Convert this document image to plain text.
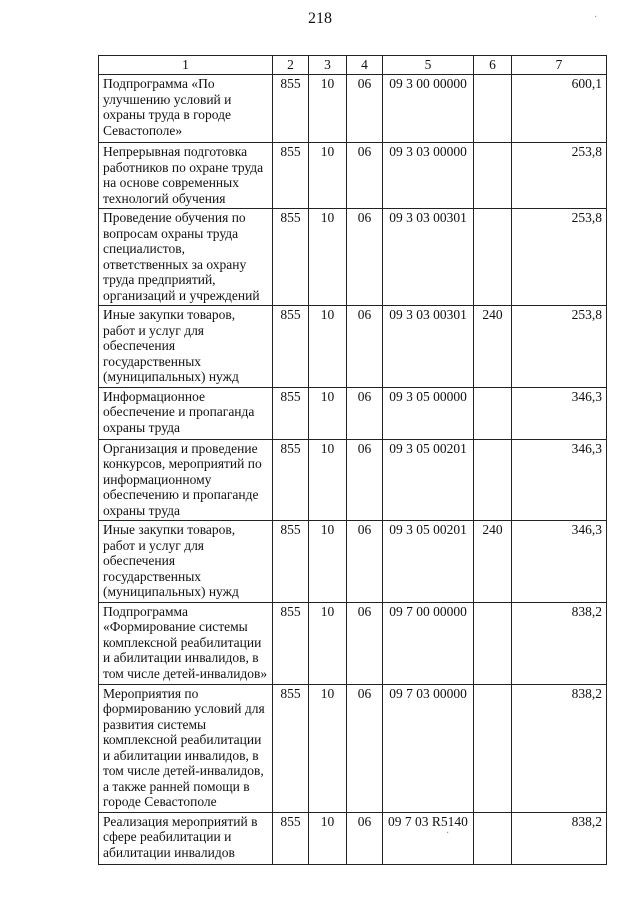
218
1	2	3	4	5	6	7
Подпрограмма «По улучшению условий и охраны труда в городе Севастополе»	855	10	06	09 3 00 00000		600,1
Непрерывная подготовка работников по охране труда на основе современных технологий обучения	855	10	06	09 3 03 00000		253,8
Проведение обучения по вопросам охраны труда специалистов, ответственных за охрану труда предприятий, организаций и учреждений	855	10	06	09 3 03 00301		253,8
Иные закупки товаров, работ и услуг для обеспечения государственных (муниципальных) нужд	855	10	06	09 3 03 00301	240	253,8
Информационное обеспечение и пропаганда охраны труда	855	10	06	09 3 05 00000		346,3
Организация и проведение конкурсов, мероприятий по информационному обеспечению и пропаганде охраны труда	855	10	06	09 3 05 00201		346,3
Иные закупки товаров, работ и услуг для обеспечения государственных (муниципальных) нужд	855	10	06	09 3 05 00201	240	346,3
Подпрограмма «Формирование системы комплексной реабилитации и абилитации инвалидов, в том числе детей-инвалидов»	855	10	06	09 7 00 00000		838,2
Мероприятия по формированию условий для развития системы комплексной реабилитации и абилитации инвалидов, в том числе детей-инвалидов, а также ранней помощи в городе Севастополе	855	10	06	09 7 03 00000		838,2
Реализация мероприятий в сфере реабилитации и абилитации инвалидов	855	10	06	09 7 03 R5140		838,2
·
·
